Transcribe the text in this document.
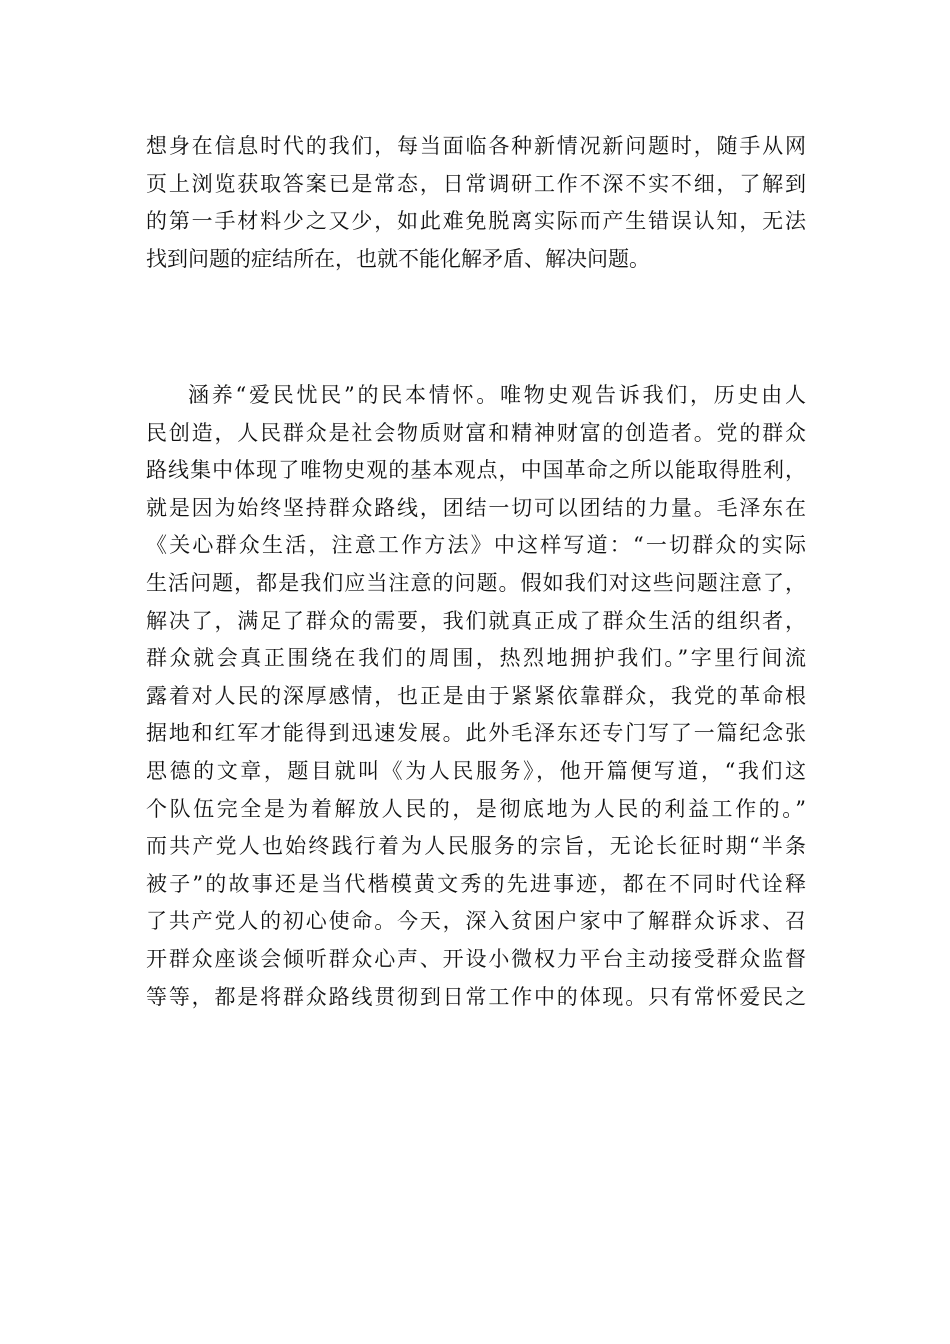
想身在信息时代的我们，每当面临各种新情况新问题时，随手从网
页上浏览获取答案已是常态，日常调研工作不深不实不细，了解到
的第一手材料少之又少，如此难免脱离实际而产生错误认知，无法
找到问题的症结所在，也就不能化解矛盾、解决问题。
涵养“爱民忧民”的民本情怀。唯物史观告诉我们，历史由人
民创造，人民群众是社会物质财富和精神财富的创造者。党的群众
路线集中体现了唯物史观的基本观点，中国革命之所以能取得胜利，
就是因为始终坚持群众路线，团结一切可以团结的力量。毛泽东在
《关心群众生活，注意工作方法》中这样写道：“一切群众的实际
生活问题，都是我们应当注意的问题。假如我们对这些问题注意了，
解决了，满足了群众的需要，我们就真正成了群众生活的组织者，
群众就会真正围绕在我们的周围，热烈地拥护我们。”字里行间流
露着对人民的深厚感情，也正是由于紧紧依靠群众，我党的革命根
据地和红军才能得到迅速发展。此外毛泽东还专门写了一篇纪念张
思德的文章，题目就叫《为人民服务》，他开篇便写道，“我们这
个队伍完全是为着解放人民的，是彻底地为人民的利益工作的。”
而共产党人也始终践行着为人民服务的宗旨，无论长征时期“半条
被子”的故事还是当代楷模黄文秀的先进事迹，都在不同时代诠释
了共产党人的初心使命。今天，深入贫困户家中了解群众诉求、召
开群众座谈会倾听群众心声、开设小微权力平台主动接受群众监督
等等，都是将群众路线贯彻到日常工作中的体现。只有常怀爱民之
